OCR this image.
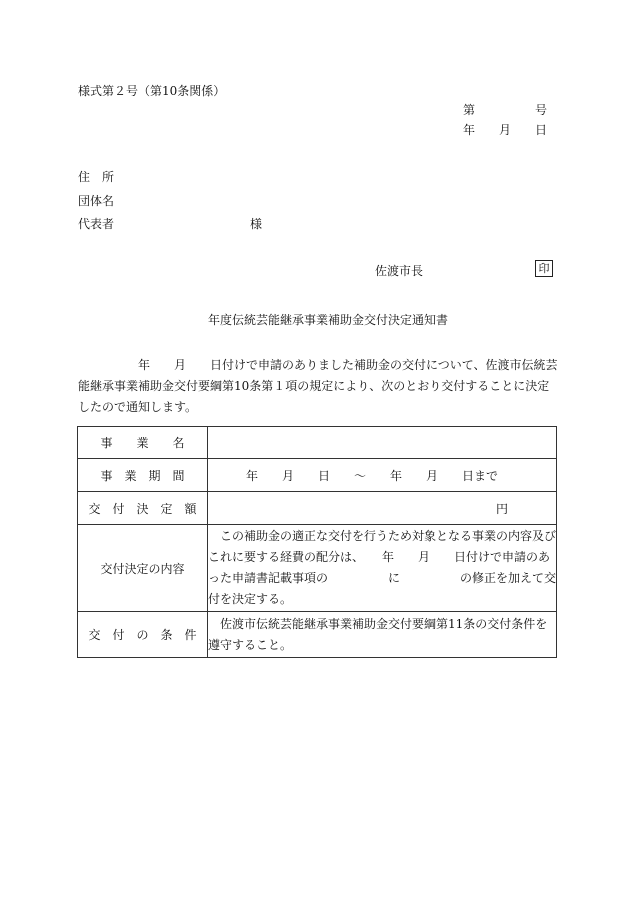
様式第２号（第10条関係）
第　　　　　号
年　　月　　日
住　所
団体名
代表者	様
佐渡市長	印
年度伝統芸能継承事業補助金交付決定通知書
　　　　　年　　月　　日付けで申請のありました補助金の交付について、佐渡市伝統芸能継承事業補助金交付要綱第10条第１項の規定により、次のとおり交付することに決定したので通知します。
事　　業　　名	
事　業　期　間	年　　月　　日　　～　　年　　月　　日まで
交　付　決　定　額	円
交付決定の内容	　この補助金の適正な交付を行うため対象となる事業の内容及びこれに要する経費の配分は、　　年　　月　　日付けで申請のあった申請書記載事項の　　　　　に　　　　　の修正を加えて交付を決定する。
交　付　の　条　件	　佐渡市伝統芸能継承事業補助金交付要綱第11条の交付条件を遵守すること。
